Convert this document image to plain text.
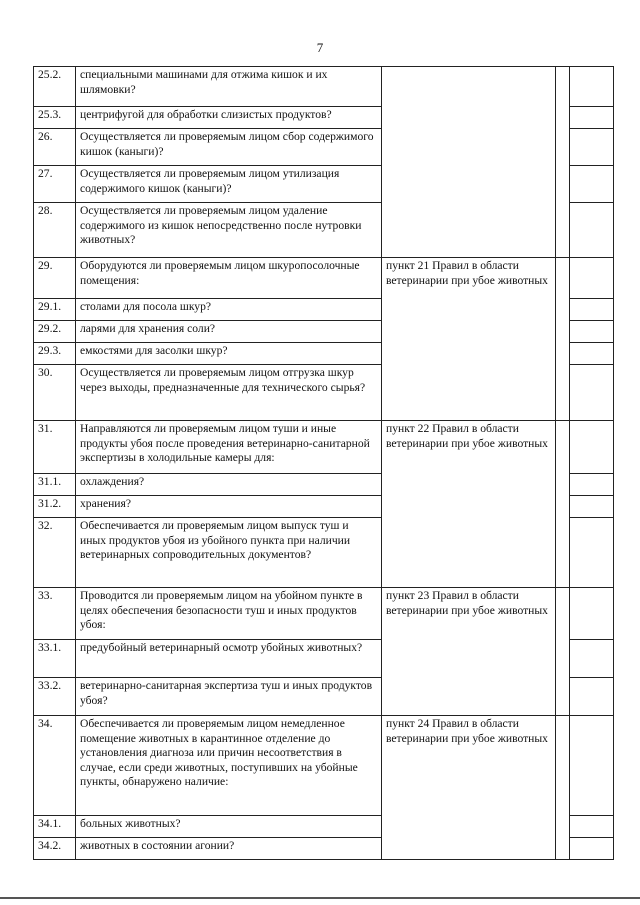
7
25.2.	специальными машинами для отжима кишок и их шлямовки?			
25.3.	центрифугой для обработки слизистых продуктов?			
26.	Осуществляется ли проверяемым лицом сбор содержимого кишок (каныги)?			
27.	Осуществляется ли проверяемым лицом утилизация содержимого кишок (каныги)?			
28.	Осуществляется ли проверяемым лицом удаление содержимого из кишок непосредственно после нутровки животных?			
29.	Оборудуются ли проверяемым лицом шкуропосолочные помещения:	пункт 21 Правил в области ветеринарии при убое животных		
29.1.	столами для посола шкур?			
29.2.	ларями для хранения соли?			
29.3.	емкостями для засолки шкур?			
30.	Осуществляется ли проверяемым лицом отгрузка шкур через выходы, предназначенные для технического сырья?			
31.	Направляются ли проверяемым лицом туши и иные продукты убоя после проведения ветеринарно-санитарной экспертизы в холодильные камеры для:	пункт 22 Правил в области ветеринарии при убое животных		
31.1.	охлаждения?			
31.2.	хранения?			
32.	Обеспечивается ли проверяемым лицом выпуск туш и иных продуктов убоя из убойного пункта при наличии ветеринарных сопроводительных документов?			
33.	Проводится ли проверяемым лицом на убойном пункте в целях обеспечения безопасности туш и иных продуктов убоя:	пункт 23 Правил в области ветеринарии при убое животных		
33.1.	предубойный ветеринарный осмотр убойных животных?			
33.2.	ветеринарно-санитарная экспертиза туш и иных продуктов убоя?			
34.	Обеспечивается ли проверяемым лицом немедленное помещение животных в карантинное отделение до установления диагноза или причин несоответствия в случае, если среди животных, поступивших на убойные пункты, обнаружено наличие:	пункт 24 Правил в области ветеринарии при убое животных		
34.1.	больных животных?			
34.2.	животных в состоянии агонии?			
